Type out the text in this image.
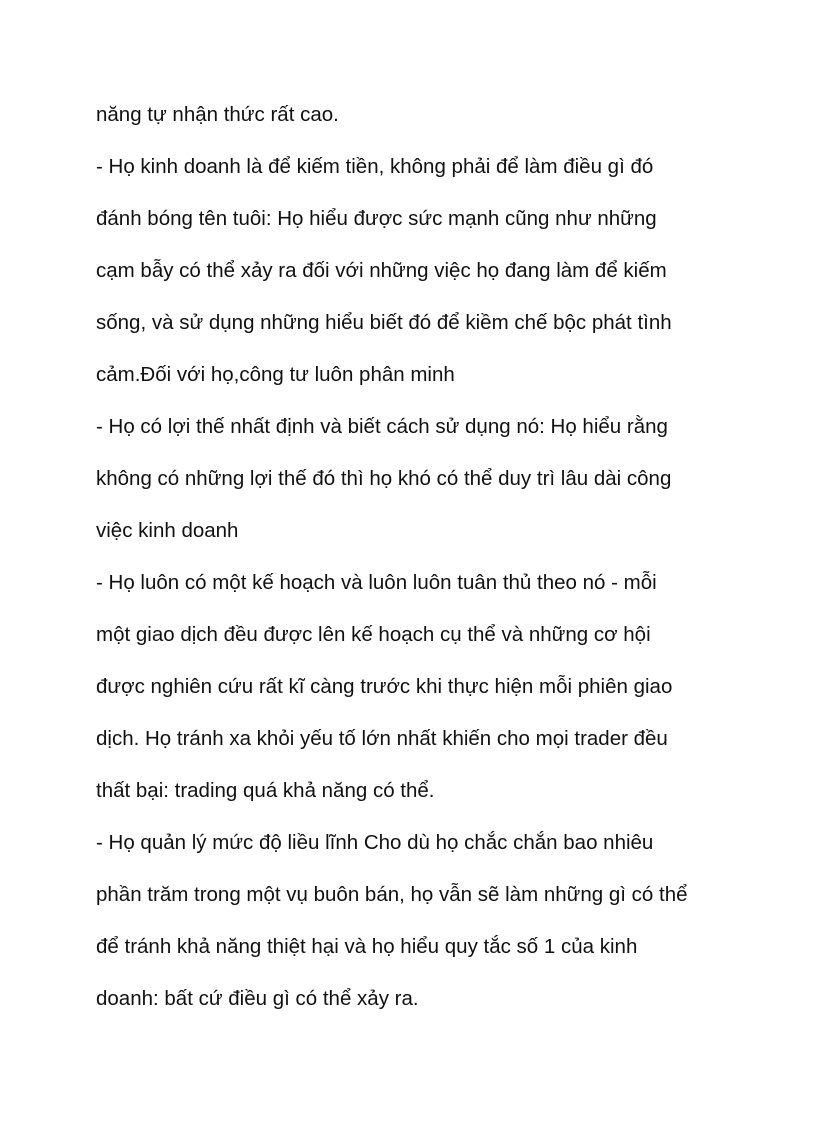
năng tự nhận thức rất cao.
- Họ kinh doanh là để kiếm tiền, không phải để làm điều gì đó
đánh bóng tên tuôi: Họ hiểu được sức mạnh cũng như những
cạm bẫy có thể xảy ra đối với những việc họ đang làm để kiếm
sống, và sử dụng những hiểu biết đó để kiềm chế bộc phát tình
cảm.Đối với họ,công tư luôn phân minh
- Họ có lợi thế nhất định và biết cách sử dụng nó: Họ hiểu rằng
không có những lợi thế đó thì họ khó có thể duy trì lâu dài công
việc kinh doanh
- Họ luôn có một kế hoạch và luôn luôn tuân thủ theo nó - mỗi
một giao dịch đều được lên kế hoạch cụ thể và những cơ hội
được nghiên cứu rất kĩ càng trước khi thực hiện mỗi phiên giao
dịch. Họ tránh xa khỏi yếu tố lớn nhất khiến cho mọi trader đều
thất bại: trading quá khả năng có thể.
- Họ quản lý mức độ liều lĩnh Cho dù họ chắc chắn bao nhiêu
phần trăm trong một vụ buôn bán, họ vẫn sẽ làm những gì có thể
để tránh khả năng thiệt hại và họ hiểu quy tắc số 1 của kinh
doanh: bất cứ điều gì có thể xảy ra.
